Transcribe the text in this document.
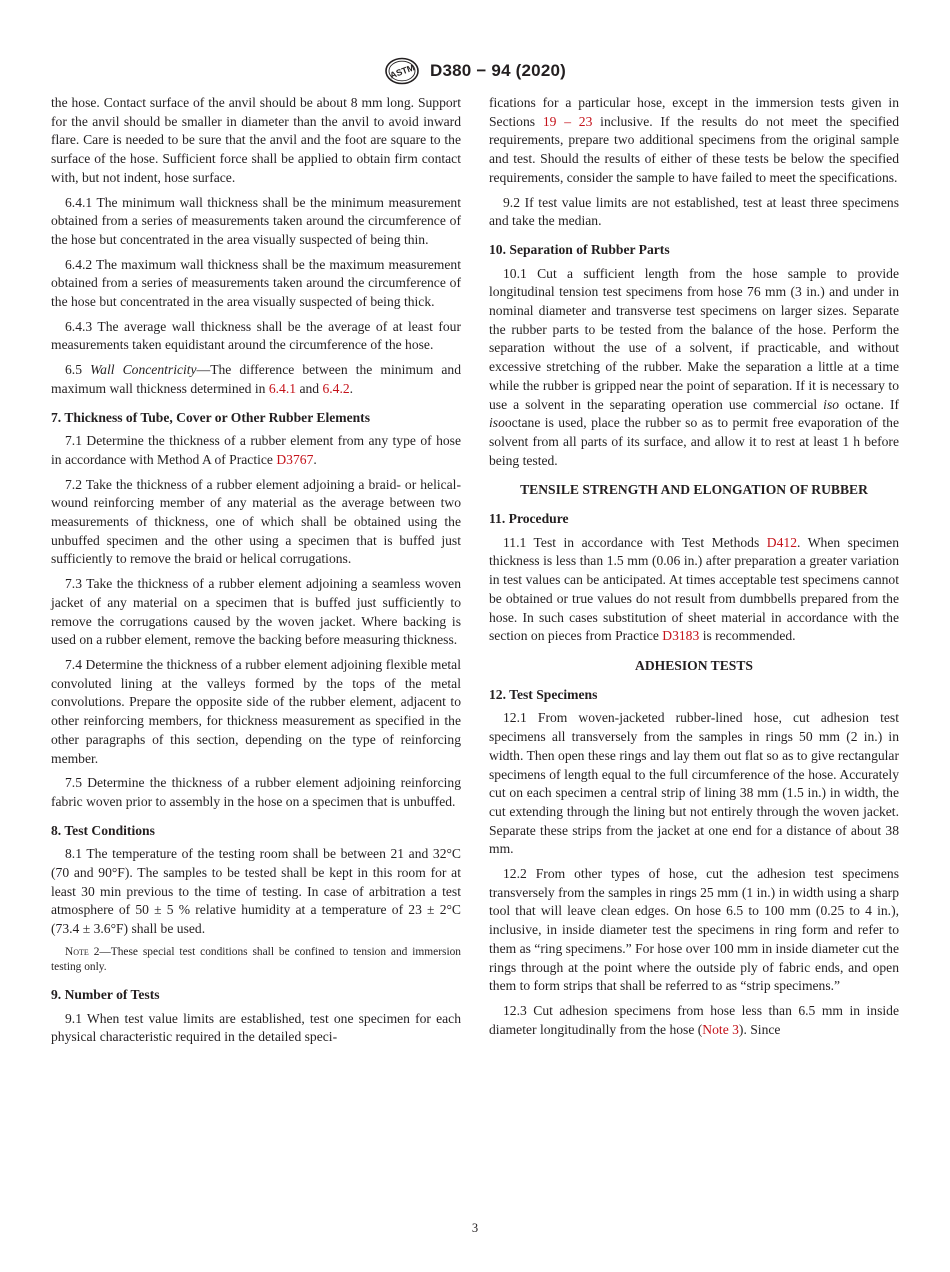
ASTM D380 − 94 (2020)

the hose. Contact surface of the anvil should be about 8 mm long. Support for the anvil should be smaller in diameter than the anvil to avoid inward flare. Care is needed to be sure that the anvil and the foot are square to the surface of the hose. Sufficient force shall be applied to obtain firm contact with, but not indent, hose surface.

6.4.1 The minimum wall thickness shall be the minimum measurement obtained from a series of measurements taken around the circumference of the hose but concentrated in the area visually suspected of being thin.

6.4.2 The maximum wall thickness shall be the maximum measurement obtained from a series of measurements taken around the circumference of the hose but concentrated in the area visually suspected of being thick.

6.4.3 The average wall thickness shall be the average of at least four measurements taken equidistant around the circumference of the hose.

6.5 Wall Concentricity—The difference between the minimum and maximum wall thickness determined in 6.4.1 and 6.4.2.

7. Thickness of Tube, Cover or Other Rubber Elements

7.1 Determine the thickness of a rubber element from any type of hose in accordance with Method A of Practice D3767.

7.2 Take the thickness of a rubber element adjoining a braid- or helical-wound reinforcing member of any material as the average between two measurements of thickness, one of which shall be obtained using the unbuffed specimen and the other using a specimen that is buffed just sufficiently to remove the braid or helical corrugations.

7.3 Take the thickness of a rubber element adjoining a seamless woven jacket of any material on a specimen that is buffed just sufficiently to remove the corrugations caused by the woven jacket. Where backing is used on a rubber element, remove the backing before measuring thickness.

7.4 Determine the thickness of a rubber element adjoining flexible metal convoluted lining at the valleys formed by the tops of the metal convolutions. Prepare the opposite side of the rubber element, adjacent to other reinforcing members, for thickness measurement as specified in the other paragraphs of this section, depending on the type of reinforcing member.

7.5 Determine the thickness of a rubber element adjoining reinforcing fabric woven prior to assembly in the hose on a specimen that is unbuffed.

8. Test Conditions

8.1 The temperature of the testing room shall be between 21 and 32°C (70 and 90°F). The samples to be tested shall be kept in this room for at least 30 min previous to the time of testing. In case of arbitration a test atmosphere of 50 ± 5 % relative humidity at a temperature of 23 ± 2°C (73.4 ± 3.6°F) shall be used.

Note 2—These special test conditions shall be confined to tension and immersion testing only.

9. Number of Tests

9.1 When test value limits are established, test one specimen for each physical characteristic required in the detailed speci-

fications for a particular hose, except in the immersion tests given in Sections 19 – 23 inclusive. If the results do not meet the specified requirements, prepare two additional specimens from the original sample and test. Should the results of either of these tests be below the specified requirements, consider the sample to have failed to meet the specifications.

9.2 If test value limits are not established, test at least three specimens and take the median.

10. Separation of Rubber Parts

10.1 Cut a sufficient length from the hose sample to provide longitudinal tension test specimens from hose 76 mm (3 in.) and under in nominal diameter and transverse test specimens on larger sizes. Separate the rubber parts to be tested from the balance of the hose. Perform the separation without the use of a solvent, if practicable, and without excessive stretching of the rubber. Make the separation a little at a time while the rubber is gripped near the point of separation. If it is necessary to use a solvent in the separating operation use commercial iso octane. If isooctane is used, place the rubber so as to permit free evaporation of the solvent from all parts of its surface, and allow it to rest at least 1 h before being tested.

TENSILE STRENGTH AND ELONGATION OF RUBBER
11. Procedure

11.1 Test in accordance with Test Methods D412. When specimen thickness is less than 1.5 mm (0.06 in.) after preparation a greater variation in test values can be anticipated. At times acceptable test specimens cannot be obtained or true values do not result from dumbbells prepared from the hose. In such cases substitution of sheet material in accordance with the section on pieces from Practice D3183 is recommended.

ADHESION TESTS
12. Test Specimens

12.1 From woven-jacketed rubber-lined hose, cut adhesion test specimens all transversely from the samples in rings 50 mm (2 in.) in width. Then open these rings and lay them out flat so as to give rectangular specimens of length equal to the full circumference of the hose. Accurately cut on each specimen a central strip of lining 38 mm (1.5 in.) in width, the cut extending through the lining but not entirely through the woven jacket. Separate these strips from the jacket at one end for a distance of about 38 mm.

12.2 From other types of hose, cut the adhesion test specimens transversely from the samples in rings 25 mm (1 in.) in width using a sharp tool that will leave clean edges. On hose 6.5 to 100 mm (0.25 to 4 in.), inclusive, in inside diameter test the specimens in ring form and refer to them as “ring specimens.” For hose over 100 mm in inside diameter cut the rings through at the point where the outside ply of fabric ends, and open them to form strips that shall be referred to as “strip specimens.”

12.3 Cut adhesion specimens from hose less than 6.5 mm in inside diameter longitudinally from the hose (Note 3). Since

3
